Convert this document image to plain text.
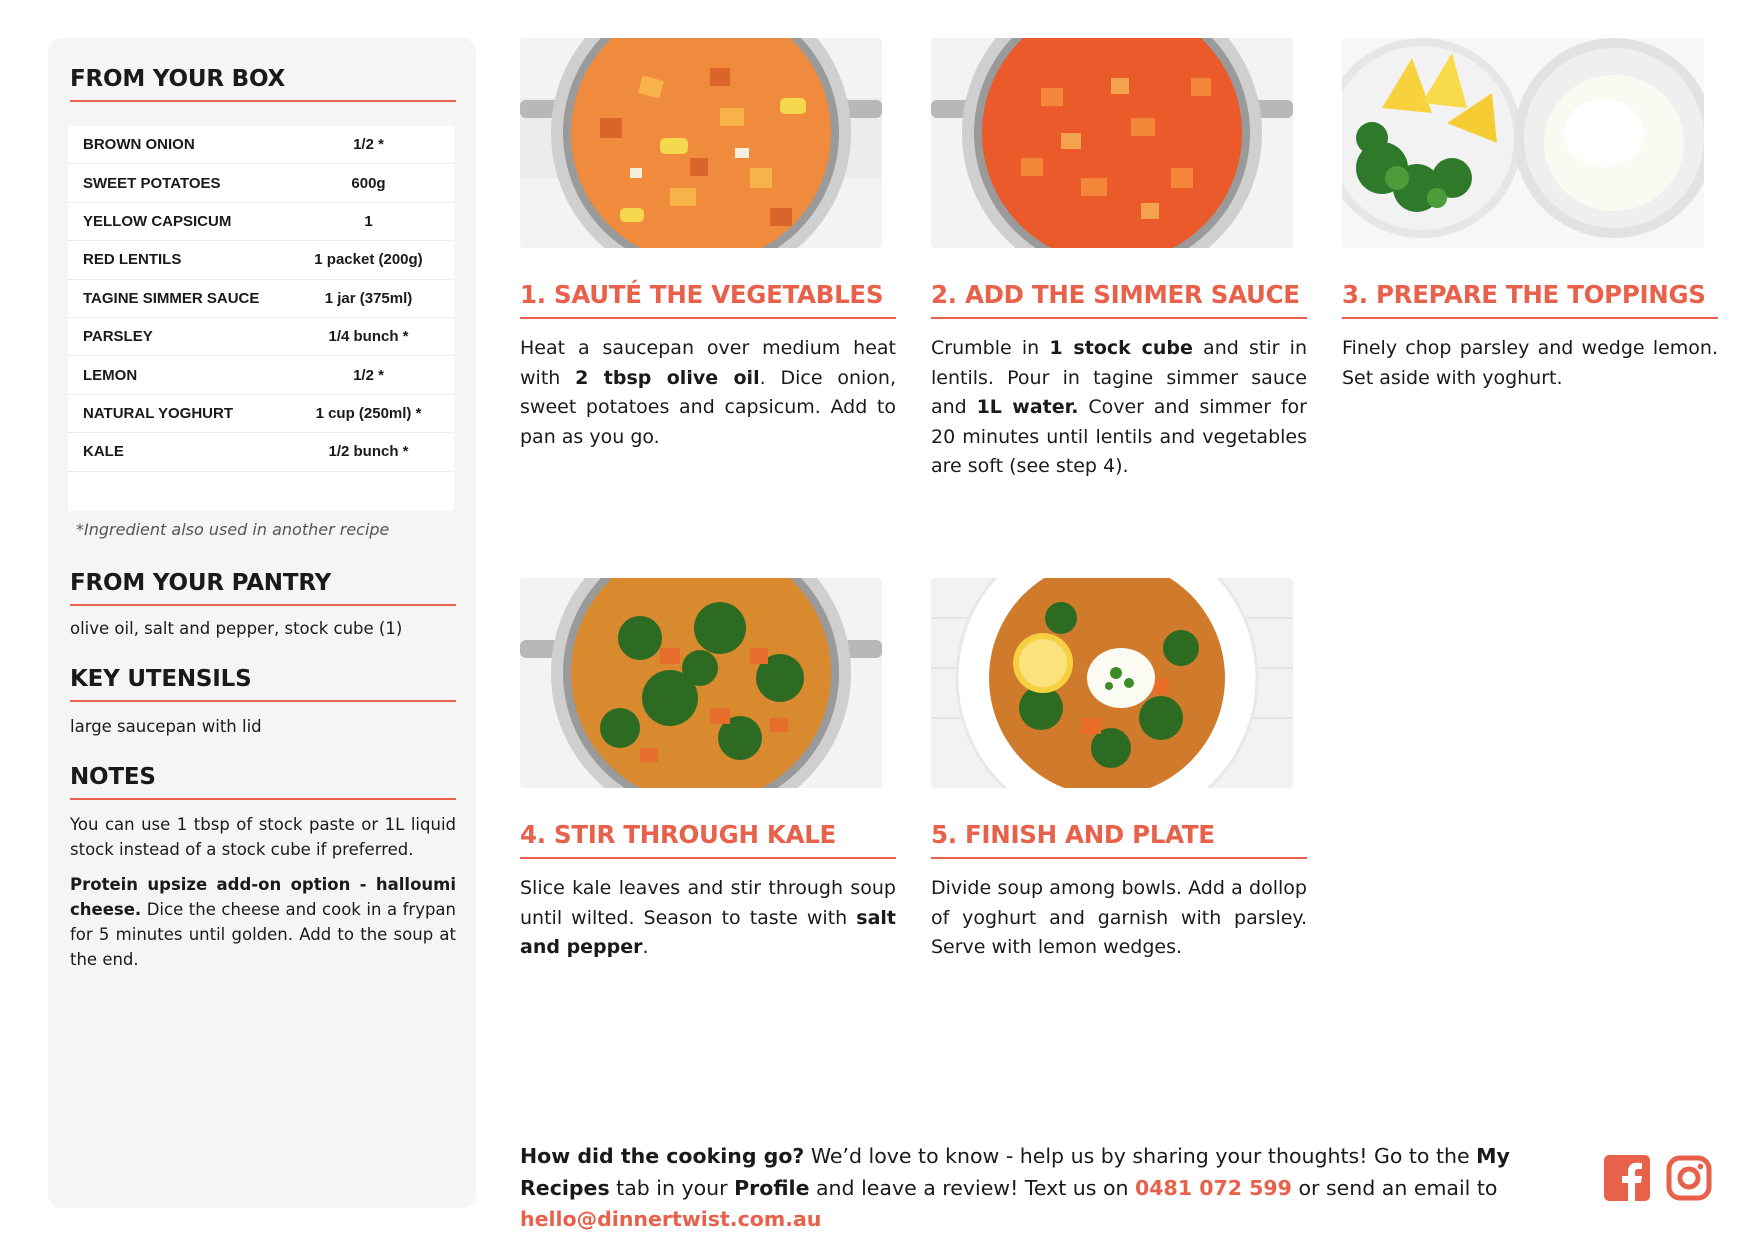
FROM YOUR BOX
BROWN ONION	1/2 *
SWEET POTATOES	600g
YELLOW CAPSICUM	1
RED LENTILS	1 packet (200g)
TAGINE SIMMER SAUCE	1 jar (375ml)
PARSLEY	1/4 bunch *
LEMON	1/2 *
NATURAL YOGHURT	1 cup (250ml) *
KALE	1/2 bunch *

*Ingredient also used in another recipe

FROM YOUR PANTRY

olive oil, salt and pepper, stock cube (1)

KEY UTENSILS

large saucepan with lid

NOTES

You can use 1 tbsp of stock paste or 1L liquid stock instead of a stock cube if preferred.

Protein upsize add-on option - halloumi cheese. Dice the cheese and cook in a frypan for 5 minutes until golden. Add to the soup at the end.

1. SAUTÉ THE VEGETABLES

Heat a saucepan over medium heat with 2 tbsp olive oil. Dice onion, sweet potatoes and capsicum. Add to pan as you go.

2. ADD THE SIMMER SAUCE

Crumble in 1 stock cube and stir in lentils. Pour in tagine simmer sauce and 1L water. Cover and simmer for 20 minutes until lentils and vegetables are soft (see step 4).

3. PREPARE THE TOPPINGS

Finely chop parsley and wedge lemon. Set aside with yoghurt.

4. STIR THROUGH KALE

Slice kale leaves and stir through soup until wilted. Season to taste with salt and pepper.

5. FINISH AND PLATE

Divide soup among bowls. Add a dollop of yoghurt and garnish with parsley. Serve with lemon wedges.

How did the cooking go? We’d love to know - help us by sharing your thoughts! Go to the My Recipes tab in your Profile and leave a review! Text us on 0481 072 599 or send an email to hello@dinnertwist.com.au
